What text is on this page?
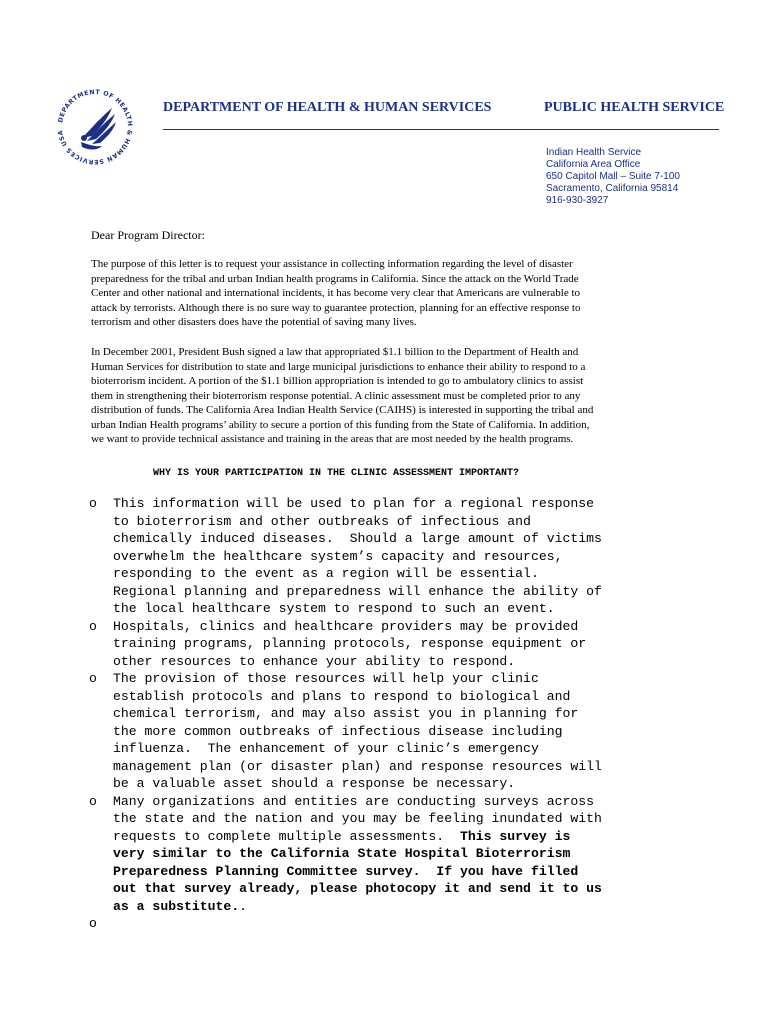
DEPARTMENT OF HEALTH & HUMAN SERVICES USA
DEPARTMENT OF HEALTH & HUMAN SERVICES	PUBLIC HEALTH SERVICE
Indian Health Service
California Area Office
650 Capitol Mall – Suite 7-100
Sacramento, California 95814
916-930-3927
Dear Program Director:
The purpose of this letter is to request your assistance in collecting information regarding the level of disaster
preparedness for the tribal and urban Indian health programs in California. Since the attack on the World Trade
Center and other national and international incidents, it has become very clear that Americans are vulnerable to
attack by terrorists. Although there is no sure way to guarantee protection, planning for an effective response to
terrorism and other disasters does have the potential of saving many lives.
In December 2001, President Bush signed a law that appropriated $1.1 billion to the Department of Health and
Human Services for distribution to state and large municipal jurisdictions to enhance their ability to respond to a
bioterrorism incident. A portion of the $1.1 billion appropriation is intended to go to ambulatory clinics to assist
them in strengthening their bioterrorism response potential. A clinic assessment must be completed prior to any
distribution of funds. The California Area Indian Health Service (CAIHS) is interested in supporting the tribal and
urban Indian Health programs’ ability to secure a portion of this funding from the State of California. In addition,
we want to provide technical assistance and training in the areas that are most needed by the health programs.
WHY IS YOUR PARTICIPATION IN THE CLINIC ASSESSMENT IMPORTANT?
o This information will be used to plan for a regional response
to bioterrorism and other outbreaks of infectious and
chemically induced diseases.  Should a large amount of victims
overwhelm the healthcare system’s capacity and resources,
responding to the event as a region will be essential.
Regional planning and preparedness will enhance the ability of
the local healthcare system to respond to such an event.
o Hospitals, clinics and healthcare providers may be provided
training programs, planning protocols, response equipment or
other resources to enhance your ability to respond.
o The provision of those resources will help your clinic
establish protocols and plans to respond to biological and
chemical terrorism, and may also assist you in planning for
the more common outbreaks of infectious disease including
influenza.  The enhancement of your clinic’s emergency
management plan (or disaster plan) and response resources will
be a valuable asset should a response be necessary.
o Many organizations and entities are conducting surveys across
the state and the nation and you may be feeling inundated with
requests to complete multiple assessments.  This survey is
very similar to the California State Hospital Bioterrorism
Preparedness Planning Committee survey.  If you have filled
out that survey already, please photocopy it and send it to us
as a substitute..
o
